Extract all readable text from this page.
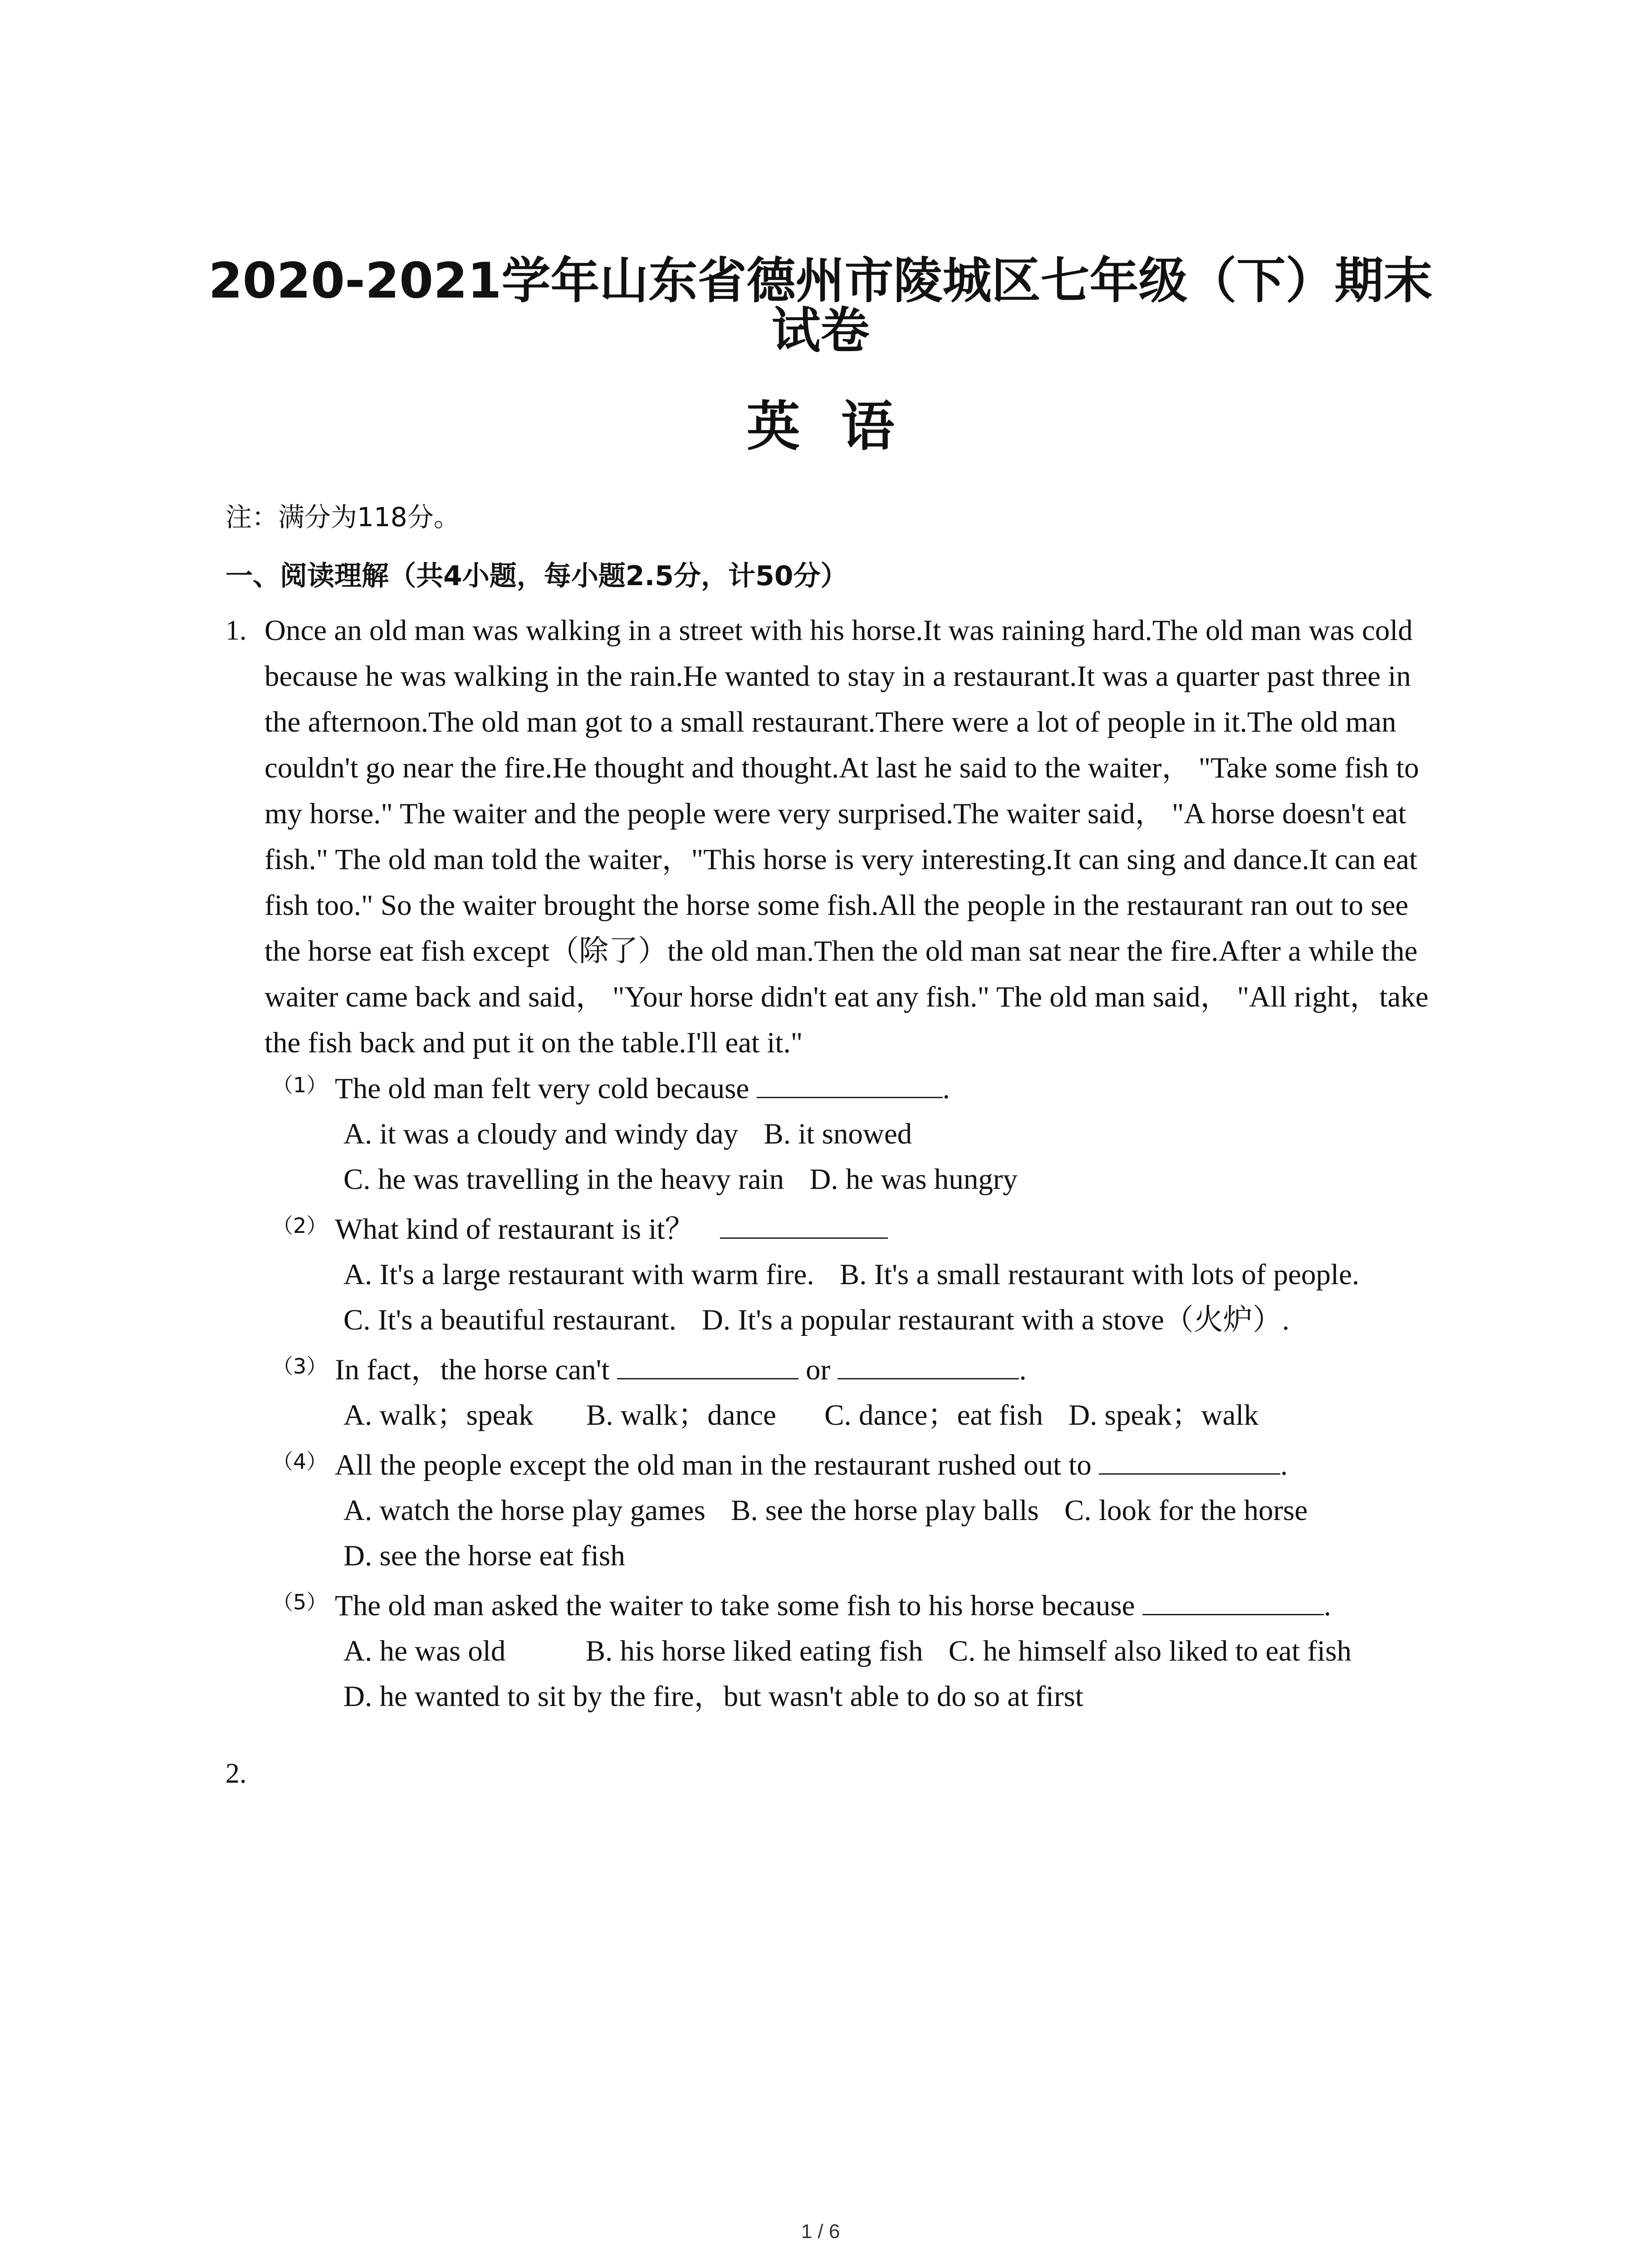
2020-2021学年山东省德州市陵城区七年级（下）期末
试卷
英语
注：满分为118分。
一、阅读理解（共4小题，每小题2.5分，计50分）
1. Once an old man was walking in a street with his horse.It was raining hard.The old man was cold because he was walking in the rain.He wanted to stay in a restaurant.It was a quarter past three in the afternoon.The old man got to a small restaurant.There were a lot of people in it.The old man couldn't go near the fire.He thought and thought.At last he said to the waiter， "Take some fish to my horse." The waiter and the people were very surprised.The waiter said， "A horse doesn't eat fish." The old man told the waiter，"This horse is very interesting.It can sing and dance.It can eat fish too." So the waiter brought the horse some fish.All the people in the restaurant ran out to see the horse eat fish except（除了）the old man.Then the old man sat near the fire.After a while the waiter came back and said， "Your horse didn't eat any fish." The old man said， "All right，take the fish back and put it on the table.I'll eat it."

（1） The old man felt very cold because	.
A. it was a cloudy and windy day B. it snowed
C. he was travelling in the heavy rain D. he was hungry
（2） What kind of restaurant is it？
A. It's a large restaurant with warm fire. B. It's a small restaurant with lots of people.
C. It's a beautiful restaurant. D. It's a popular restaurant with a stove（火炉）.
（3） In fact，the horse can't	or	.
A. walk；speak B. walk；dance C. dance；eat fish D. speak；walk
（4） All the people except the old man in the restaurant rushed out to	.
A. watch the horse play games B. see the horse play balls C. look for the horse
D. see the horse eat fish
（5） The old man asked the waiter to take some fish to his horse because	.
A. he was old	B. his horse liked eating fish C. he himself also liked to eat fish
D. he wanted to sit by the fire，but wasn't able to do so at first
2.
1 / 6
